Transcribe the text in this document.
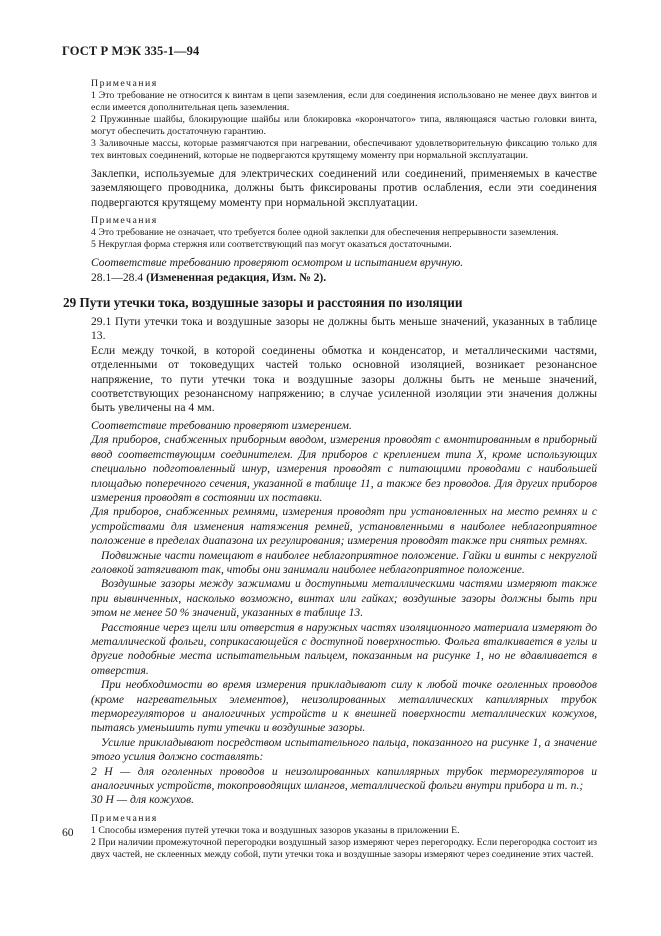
ГОСТ Р МЭК 335-1—94

Примечания

1 Это требование не относится к винтам в цепи заземления, если для соединения использовано не менее двух винтов и если имеется дополнительная цепь заземления.

2 Пружинные шайбы, блокирующие шайбы или блокировка «корончатого» типа, являющаяся частью головки винта, могут обеспечить достаточную гарантию.

3 Заливочные массы, которые размягчаются при нагревании, обеспечивают удовлетворительную фиксацию только для тех винтовых соединений, которые не подвергаются крутящему моменту при нормальной эксплуатации.

Заклепки, используемые для электрических соединений или соединений, применяемых в качестве заземляющего проводника, должны быть фиксированы против ослабления, если эти соединения подвергаются крутящему моменту при нормальной эксплуатации.

Примечания

4 Это требование не означает, что требуется более одной заклепки для обеспечения непрерывности заземления.

5 Некруглая форма стержня или соответствующий паз могут оказаться достаточными.

Соответствие требованию проверяют осмотром и испытанием вручную.

28.1—28.4 (Измененная редакция, Изм. № 2).

29 Пути утечки тока, воздушные зазоры и расстояния по изоляции

29.1 Пути утечки тока и воздушные зазоры не должны быть меньше значений, указанных в таблице 13.

Если между точкой, в которой соединены обмотка и конденсатор, и металлическими частями, отделенными от токоведущих частей только основной изоляцией, возникает резонансное напряжение, то пути утечки тока и воздушные зазоры должны быть не меньше значений, соответствующих резонансному напряжению; в случае усиленной изоляции эти значения должны быть увеличены на 4 мм.

Соответствие требованию проверяют измерением.

Для приборов, снабженных приборным вводом, измерения проводят с вмонтированным в приборный ввод соответствующим соединителем. Для приборов с креплением типа X, кроме использующих специально подготовленный шнур, измерения проводят с питающими проводами с наибольшей площадью поперечного сечения, указанной в таблице 11, а также без проводов. Для других приборов измерения проводят в состоянии их поставки.

Для приборов, снабженных ремнями, измерения проводят при установленных на место ремнях и с устройствами для изменения натяжения ремней, установленными в наиболее неблагоприятное положение в пределах диапазона их регулирования; измерения проводят также при снятых ремнях.

Подвижные части помещают в наиболее неблагоприятное положение. Гайки и винты с некруглой головкой затягивают так, чтобы они занимали наиболее неблагоприятное положение.

Воздушные зазоры между зажимами и доступными металлическими частями измеряют также при вывинченных, насколько возможно, винтах или гайках; воздушные зазоры должны быть при этом не менее 50 % значений, указанных в таблице 13.

Расстояние через щели или отверстия в наружных частях изоляционного материала измеряют до металлической фольги, соприкасающейся с доступной поверхностью. Фольга вталкивается в углы и другие подобные места испытательным пальцем, показанным на рисунке 1, но не вдавливается в отверстия.

При необходимости во время измерения прикладывают силу к любой точке оголенных проводов (кроме нагревательных элементов), неизолированных металлических капиллярных трубок терморегуляторов и аналогичных устройств и к внешней поверхности металлических кожухов, пытаясь уменьшить пути утечки и воздушные зазоры.

Усилие прикладывают посредством испытательного пальца, показанного на рисунке 1, а значение этого усилия должно составлять:

2 Н — для оголенных проводов и неизолированных капиллярных трубок терморегуляторов и аналогичных устройств, токопроводящих шлангов, металлической фольги внутри прибора и т. п.;

30 Н — для кожухов.

Примечания

1 Способы измерения путей утечки тока и воздушных зазоров указаны в приложении Е.

2 При наличии промежуточной перегородки воздушный зазор измеряют через перегородку. Если перегородка состоит из двух частей, не склеенных между собой, пути утечки тока и воздушные зазоры измеряют через соединение этих частей.

60
